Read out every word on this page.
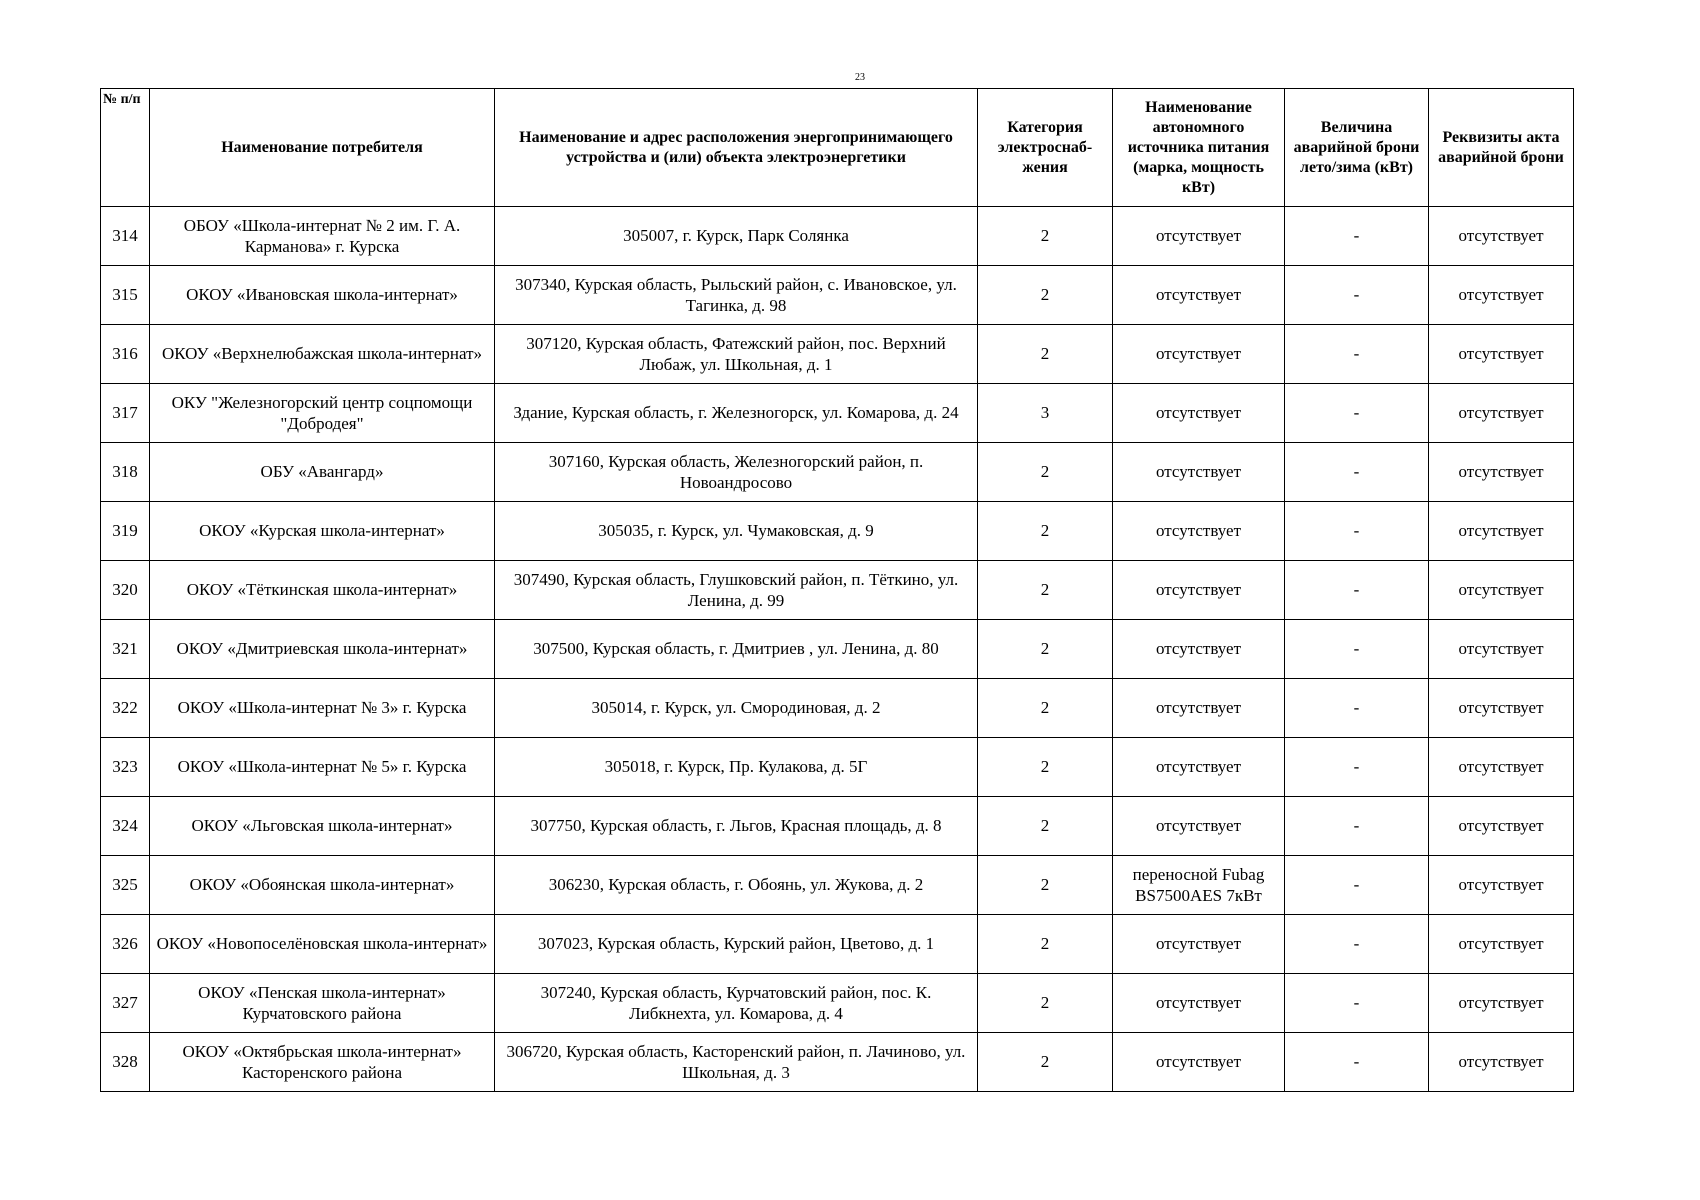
23
№ п/п	Наименование потребителя	Наименование и адрес расположения энергопринимающего устройства и (или) объекта электроэнергетики	Категория электроснаб-жения	Наименование автономного источника питания (марка, мощность кВт)	Величина аварийной брони лето/зима (кВт)	Реквизиты акта аварийной брони
314	ОБОУ «Школа-интернат № 2 им. Г. А. Карманова» г. Курска	305007, г. Курск, Парк Солянка	2	отсутствует	-	отсутствует
315	ОКОУ «Ивановская школа-интернат»	307340, Курская область, Рыльский район, с. Ивановское, ул. Тагинка, д. 98	2	отсутствует	-	отсутствует
316	ОКОУ «Верхнелюбажская школа-интернат»	307120, Курская область, Фатежский район, пос. Верхний Любаж, ул. Школьная, д. 1	2	отсутствует	-	отсутствует
317	ОКУ "Железногорский центр соцпомощи "Добродея"	Здание, Курская область, г. Железногорск, ул. Комарова, д. 24	3	отсутствует	-	отсутствует
318	ОБУ «Авангард»	307160, Курская область, Железногорский район, п. Новоандросово	2	отсутствует	-	отсутствует
319	ОКОУ «Курская школа-интернат»	305035, г. Курск, ул. Чумаковская, д. 9	2	отсутствует	-	отсутствует
320	ОКОУ «Тёткинская школа-интернат»	307490, Курская область, Глушковский район, п. Тёткино, ул. Ленина, д. 99	2	отсутствует	-	отсутствует
321	ОКОУ «Дмитриевская школа-интернат»	307500, Курская область, г. Дмитриев , ул. Ленина, д. 80	2	отсутствует	-	отсутствует
322	ОКОУ «Школа-интернат № 3» г. Курска	305014, г. Курск, ул. Смородиновая, д. 2	2	отсутствует	-	отсутствует
323	ОКОУ «Школа-интернат № 5» г. Курска	305018, г. Курск, Пр. Кулакова, д. 5Г	2	отсутствует	-	отсутствует
324	ОКОУ «Льговская школа-интернат»	307750, Курская область, г. Льгов, Красная площадь, д. 8	2	отсутствует	-	отсутствует
325	ОКОУ «Обоянская школа-интернат»	306230, Курская область, г. Обоянь, ул. Жукова, д. 2	2	переносной Fubag BS7500AES 7кВт	-	отсутствует
326	ОКОУ «Новопоселёновская школа-интернат»	307023, Курская область, Курский район, Цветово, д. 1	2	отсутствует	-	отсутствует
327	ОКОУ «Пенская школа-интернат» Курчатовского района	307240, Курская область, Курчатовский район, пос. К. Либкнехта, ул. Комарова, д. 4	2	отсутствует	-	отсутствует
328	ОКОУ «Октябрьская школа-интернат» Касторенского района	306720, Курская область, Касторенский район, п. Лачиново, ул. Школьная, д. 3	2	отсутствует	-	отсутствует
